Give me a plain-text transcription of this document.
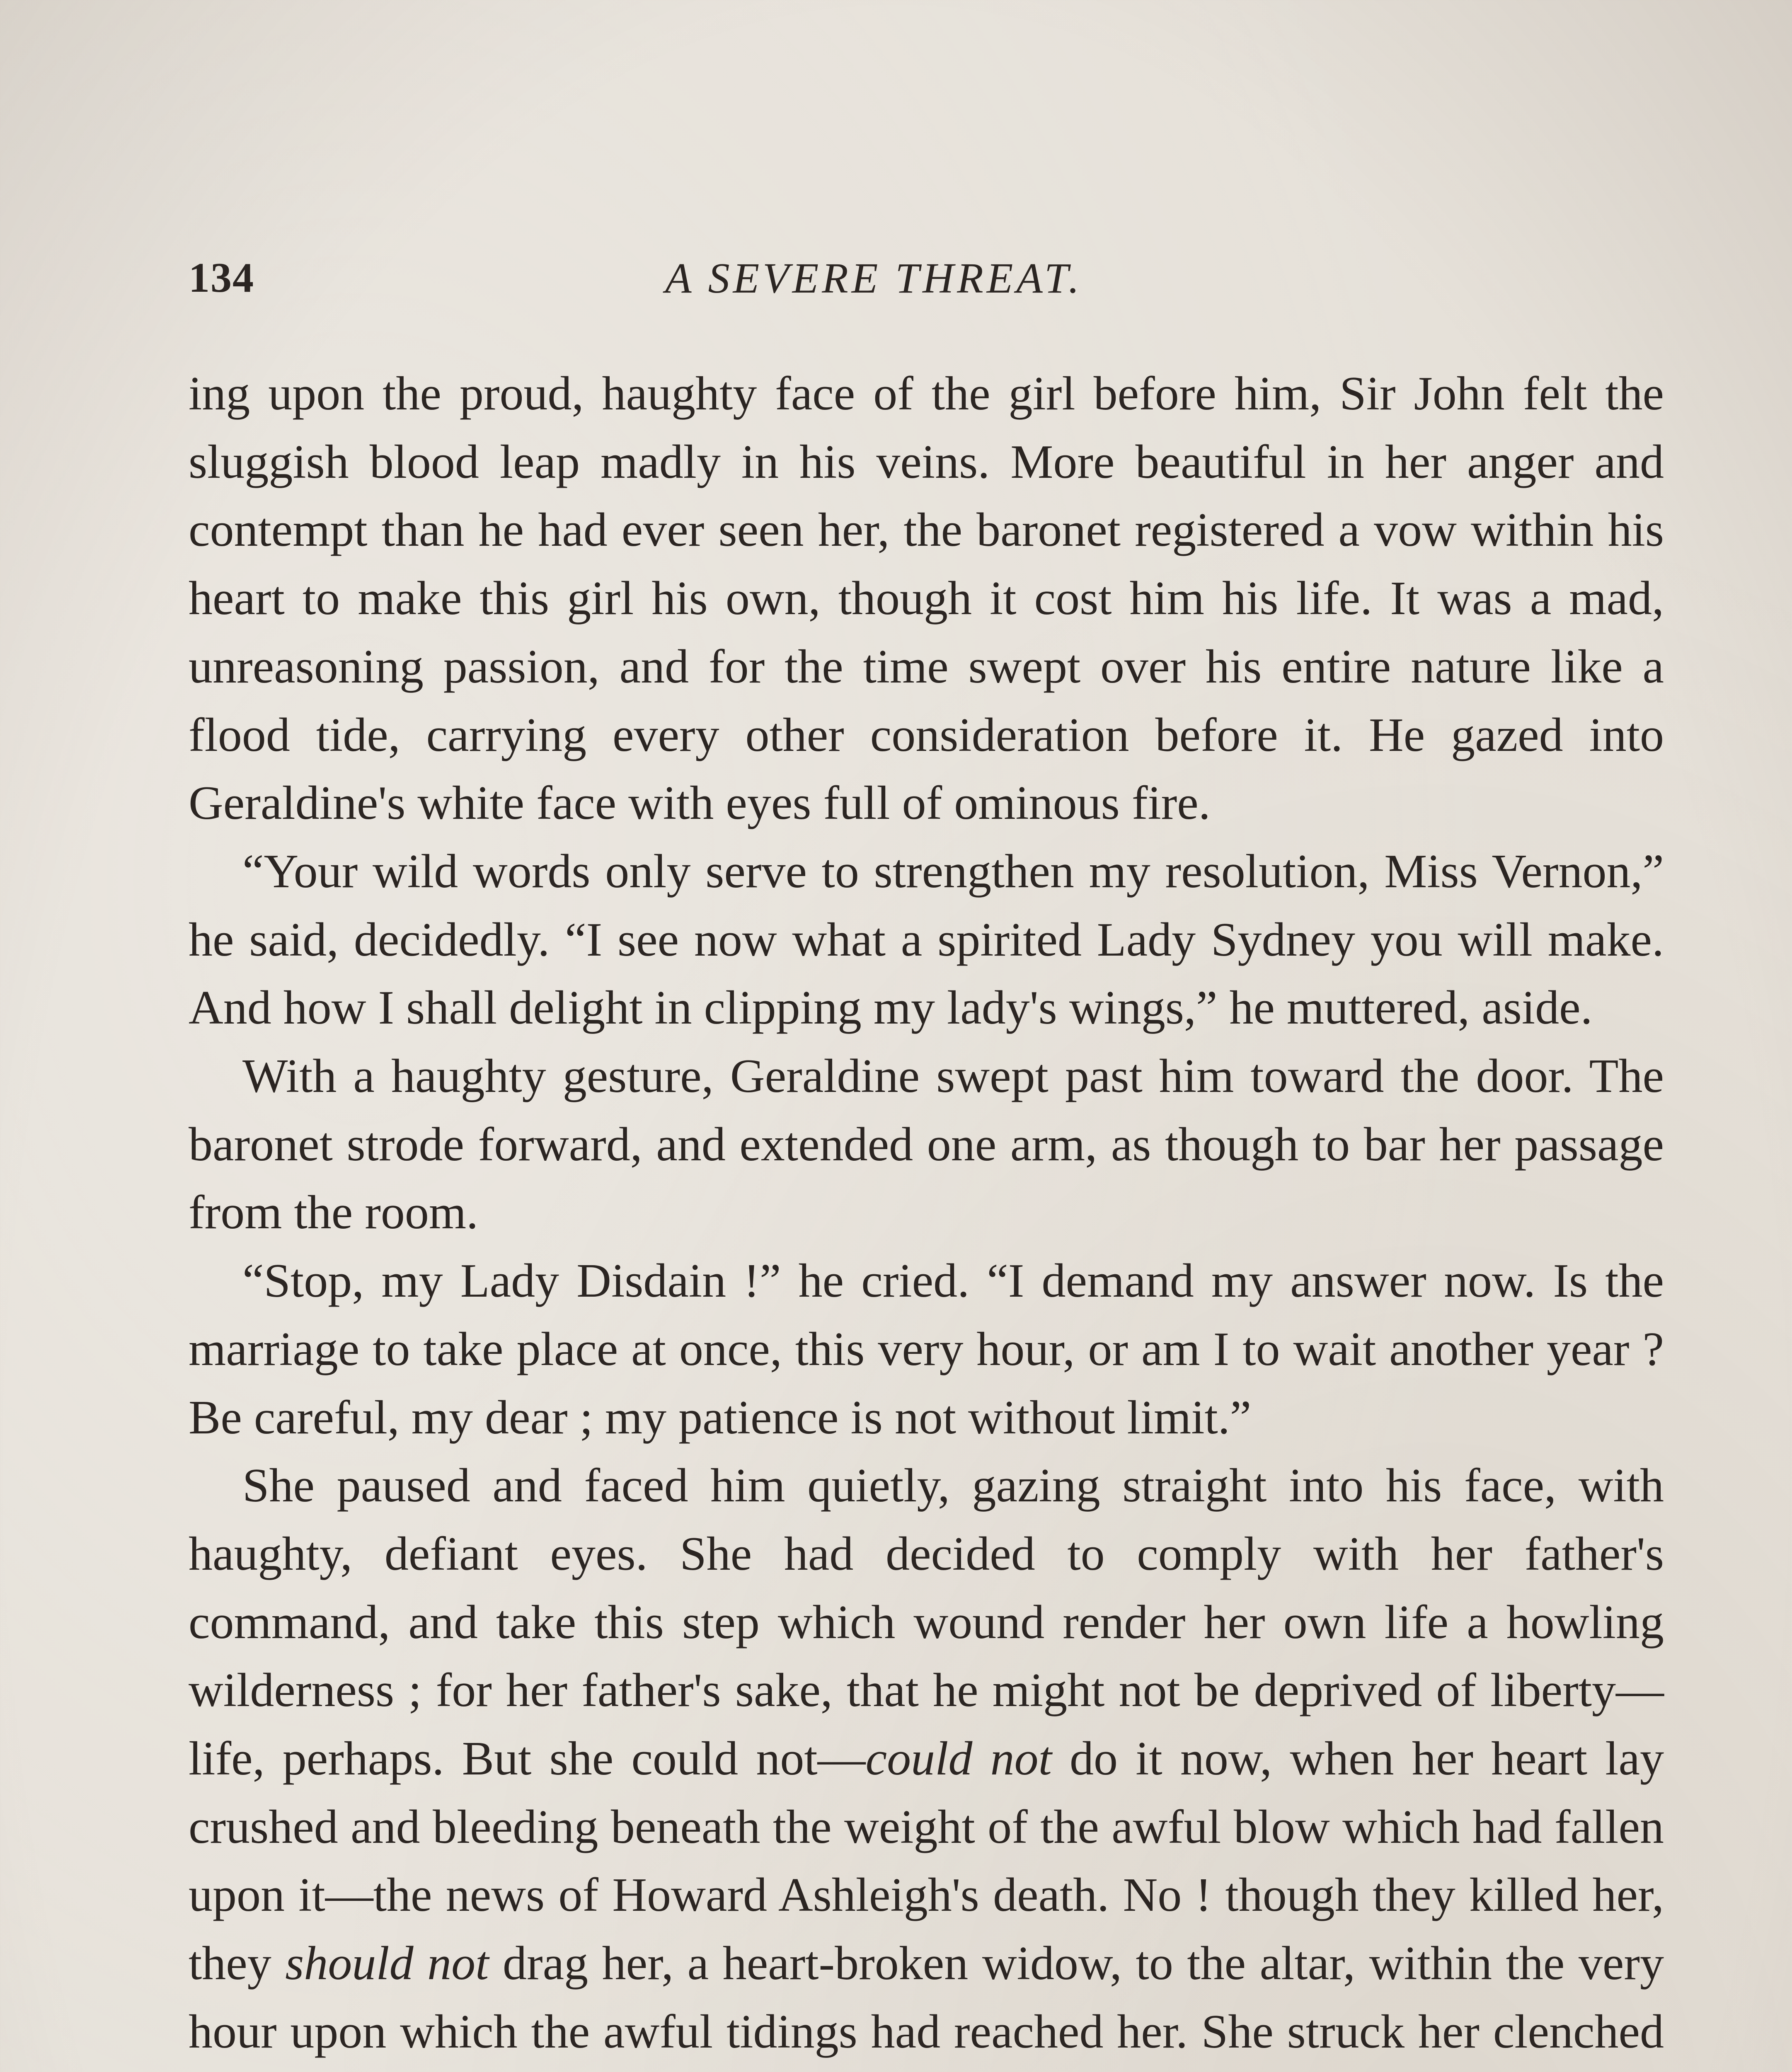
134	A SEVERE THREAT.

ing upon the proud, haughty face of the girl before him, Sir John felt the sluggish blood leap madly in his veins. More beautiful in her anger and contempt than he had ever seen her, the baronet registered a vow within his heart to make this girl his own, though it cost him his life. It was a mad, unreasoning passion, and for the time swept over his entire nature like a flood tide, carrying every other consideration before it. He gazed into Geraldine's white face with eyes full of ominous fire.

“Your wild words only serve to strengthen my resolution, Miss Vernon,” he said, decidedly. “I see now what a spirited Lady Sydney you will make. And how I shall delight in clipping my lady's wings,” he muttered, aside.

With a haughty gesture, Geraldine swept past him toward the door. The baronet strode forward, and extended one arm, as though to bar her passage from the room.

“Stop, my Lady Disdain !” he cried. “I demand my answer now. Is the marriage to take place at once, this very hour, or am I to wait another year ? Be careful, my dear ; my patience is not without limit.”

She paused and faced him quietly, gazing straight into his face, with haughty, defiant eyes. She had decided to comply with her father's command, and take this step which wound render her own life a howling wilderness ; for her father's sake, that he might not be deprived of liberty—life, perhaps. But she could not—could not do it now, when her heart lay crushed and bleeding beneath the weight of the awful blow which had fallen upon it—the news of Howard Ashleigh's death. No ! though they killed her, they should not drag her, a heart-broken widow, to the altar, within the very hour upon which the awful tidings had reached her. She struck her clenched
